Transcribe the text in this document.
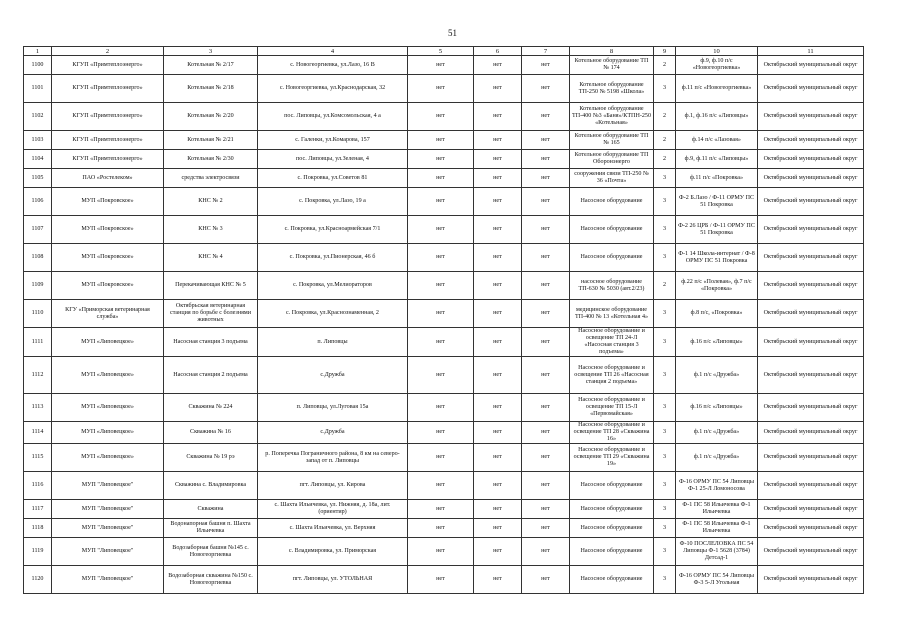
51
1	2	3	4	5	6	7	8	9	10	11
1100	КГУП «Примтеплоэнерго»	Котельная № 2/17	с. Новогеоргиевка, ул.Лазо, 16 В	нет	нет	нет	Котельное оборудование ТП № 174	2	ф.9, ф.10 п/с «Новогеоргиевка»	Октябрьский муниципальный округ
1101	КГУП «Примтеплоэнерго»	Котельная № 2/18	с. Новогеоргиевка, ул.Краснодарская, 32	нет	нет	нет	Котельное оборудование ТП-250 № 5198 «Школа»	3	ф.11 п/с «Новогеоргиевка»	Октябрьский муниципальный округ
1102	КГУП «Примтеплоэнерго»	Котельная № 2/20	пос. Липовцы, ул.Комсомольская, 4 а	нет	нет	нет	Котельное оборудование ТП-400 №3 «Баня»/КТПН-250 «Котельная»	2	ф.1, ф.16 п/с «Липовцы»	Октябрьский муниципальный округ
1103	КГУП «Примтеплоэнерго»	Котельная № 2/21	с. Галенки, ул.Комарова, 157	нет	нет	нет	Котельное оборудование ТП № 165	2	ф.14 п/с «Лазовая»	Октябрьский муниципальный округ
1104	КГУП «Примтеплоэнерго»	Котельная № 2/30	пос. Липовцы, ул.Зеленая, 4	нет	нет	нет	Котельное оборудование ТП Оборонэнерго	2	ф.9, ф.11 п/с «Липовцы»	Октябрьский муниципальный округ
1105	ПАО «Ростелеком»	средства электросвязи	с. Покровка, ул.Советов 81	нет	нет	нет	сооружения связи ТП-250 № 36 «Почта»	3	ф.11 п/с «Покровка»	Октябрьский муниципальный округ
1106	МУП «Покровское»	КНС № 2	с. Покровка, ул.Лазо, 19 а	нет	нет	нет	Насосное оборудование	3	Ф-2 Б.Лазо / Ф-11 ОРМУ ПС 51 Покровка	Октябрьский муниципальный округ
1107	МУП «Покровское»	КНС № 3	с. Покровка, ул.Красноармейская 7/1	нет	нет	нет	Насосное оборудование	3	Ф-2 26 ЦРБ / Ф-11 ОРМУ ПС 51 Покровка	Октябрьский муниципальный округ
1108	МУП «Покровское»	КНС № 4	с. Покровка, ул.Пионерская, 46 б	нет	нет	нет	Насосное оборудование	3	Ф-1 14 Школа-интернат / Ф-8 ОРМУ ПС 51 Покровка	Октябрьский муниципальный округ
1109	МУП «Покровское»	Перекачивающая КНС № 5	с. Покровка, ул.Мелиораторов	нет	нет	нет	насосное оборудование ТП-630 № 5030 (авт.2/23)	2	ф.22 п/с «Полевая», ф.7 п/с «Покровка»	Октябрьский муниципальный округ
1110	КГУ «Приморская ветеринарная служба»	Октябрьская ветеринарная станция по борьбе с болезнями животных	с. Покровка, ул.Краснознаменная, 2	нет	нет	нет	медицинское оборудование ТП-400 № 13 «Котельная 4»	3	ф.8 п/с, «Покровка»	Октябрьский муниципальный округ
1111	МУП «Липовецкое»	Насосная станция 3 подъема	п. Липовцы	нет	нет	нет	Насосное оборудование и освещение ТП 24-Л «Насосная станция 3 подъема»	3	ф.16 п/с «Липовцы»	Октябрьский муниципальный округ
1112	МУП «Липовецкое»	Насосная станция 2 подъема	с.Дружба	нет	нет	нет	Насосное оборудование и освещение ТП 26 «Насосная станция 2 подъема»	3	ф.1 п/с «Дружба»	Октябрьский муниципальный округ
1113	МУП «Липовецкое»	Скважина № 224	п. Липовцы, ул.Луговая 15а	нет	нет	нет	Насосное оборудование и освещение ТП 15-Л «Первомайская»	3	ф.16 п/с «Липовцы»	Октябрьский муниципальный округ
1114	МУП «Липовецкое»	Скважина № 16	с.Дружба	нет	нет	нет	Насосное оборудование и освещение ТП 28 «Скважина 16»	3	ф.1 п/с «Дружба»	Октябрьский муниципальный округ
1115	МУП «Липовецкое»	Скважина № 19 рэ	р. Поперечка Пограничного района, 8 км на северо-запад от п. Липовцы	нет	нет	нет	Насосное оборудование и освещение ТП 29 «Скважина 19»	3	ф.1 п/с «Дружба»	Октябрьский муниципальный округ
1116	МУП "Липовецкое"	Скважина с. Владимировка	пгт. Липовцы, ул. Кирова	нет	нет	нет	Насосное оборудование	3	Ф-16 ОРМУ ПС 54 Липовцы Ф-1 25-Л Ломоносова	Октябрьский муниципальный округ
1117	МУП "Липовецкое"	Скважина	с. Шахта Ильичевка, ул. Нижняя, д. 18а, лит. (ориентир)	нет	нет	нет	Насосное оборудование	3	Ф-1 ПС 58 Ильичевка Ф-1 Ильичевка	Октябрьский муниципальный округ
1118	МУП "Липовецкое"	Водонапорная башня п. Шахта Ильичевка	с. Шахта Ильичевка, ул. Верхняя	нет	нет	нет	Насосное оборудование	3	Ф-1 ПС 58 Ильичевка Ф-1 Ильичевка	Октябрьский муниципальный округ
1119	МУП "Липовецкое"	Водозаборная башня №145 с. Новогеоргиевка	с. Владимировка, ул. Приморская	нет	нет	нет	Насосное оборудование	3	Ф-10 ПОСЛЕЛОВКА ПС 54 Липовцы Ф-1 5628 (3784) Детсад-1	Октябрьский муниципальный округ
1120	МУП "Липовецкое"	Водозаборная скважина №150 с. Новогеоргиевка	пгт. Липовцы, ул. УТОЛЬНАЯ	нет	нет	нет	Насосное оборудование	3	Ф-16 ОРМУ ПС 54 Липовцы Ф-3 5-Л Угольная	Октябрьский муниципальный округ
